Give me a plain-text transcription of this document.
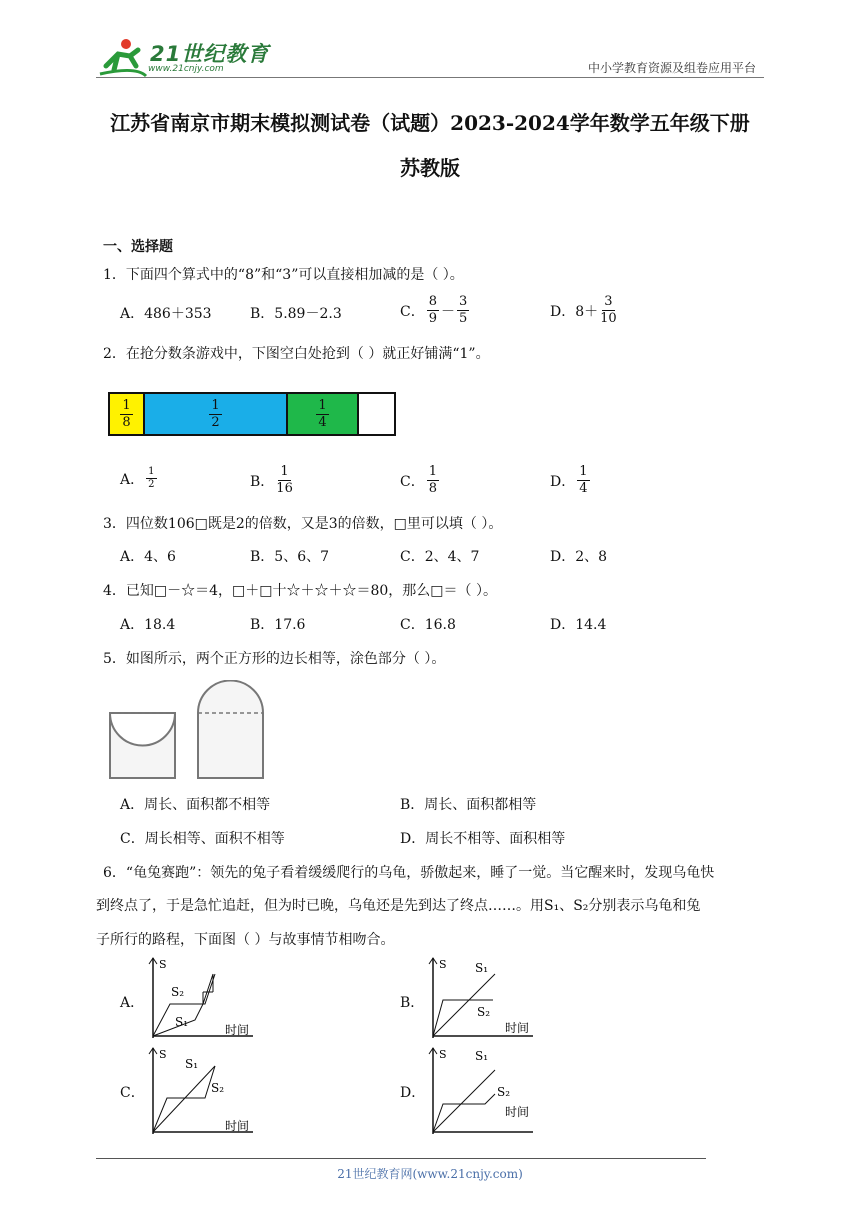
21世纪教育
www.21cnjy.com	中小学教育资源及组卷应用平台
江苏省南京市期末模拟测试卷（试题）2023-2024学年数学五年级下册
苏教版
一、选择题
1．下面四个算式中的“8”和“3”可以直接相加减的是（ ）。
A．486＋353	B．5.89－2.3	C． $\frac{8}{9} - \frac{3}{5}$	D．$8+ \frac{3}{10}$
2．在抢分数条游戏中，下图空白处抢到（ ）就正好铺满“1”。
$\frac{1}{8}$	$\frac{1}{2}$	$\frac{1}{4}$
A． $\frac{1}{2}$	B． $\frac{1}{16}$	C． $\frac{1}{8}$	D． $\frac{1}{4}$
3．四位数106□既是2的倍数，又是3的倍数，□里可以填（ ）。
A．4、6	B．5、6、7	C．2、4、7	D．2、8
4．已知□－☆＝4，□＋□十☆＋☆＋☆＝80，那么□＝（ ）。
A．18.4	B．17.6	C．16.8	D．14.4
5．如图所示，两个正方形的边长相等，涂色部分（ ）。
A．周长、面积都不相等	B．周长、面积都相等
C．周长相等、面积不相等	D．周长不相等、面积相等
6．“龟兔赛跑”：领先的兔子看着缓缓爬行的乌龟，骄傲起来，睡了一觉。当它醒来时，发现乌龟快
到终点了，于是急忙追赶，但为时已晚，乌龟还是先到达了终点……。用S₁、S₂分别表示乌龟和兔
子所行的路程，下面图（ ）与故事情节相吻合。
A．
S
时间
S₂
S₁
B．
S
时间
S₁
S₂
C．
S
时间
S₁
S₂	D．
S
时间
S₁
S₂
21世纪教育网(www.21cnjy.com)
